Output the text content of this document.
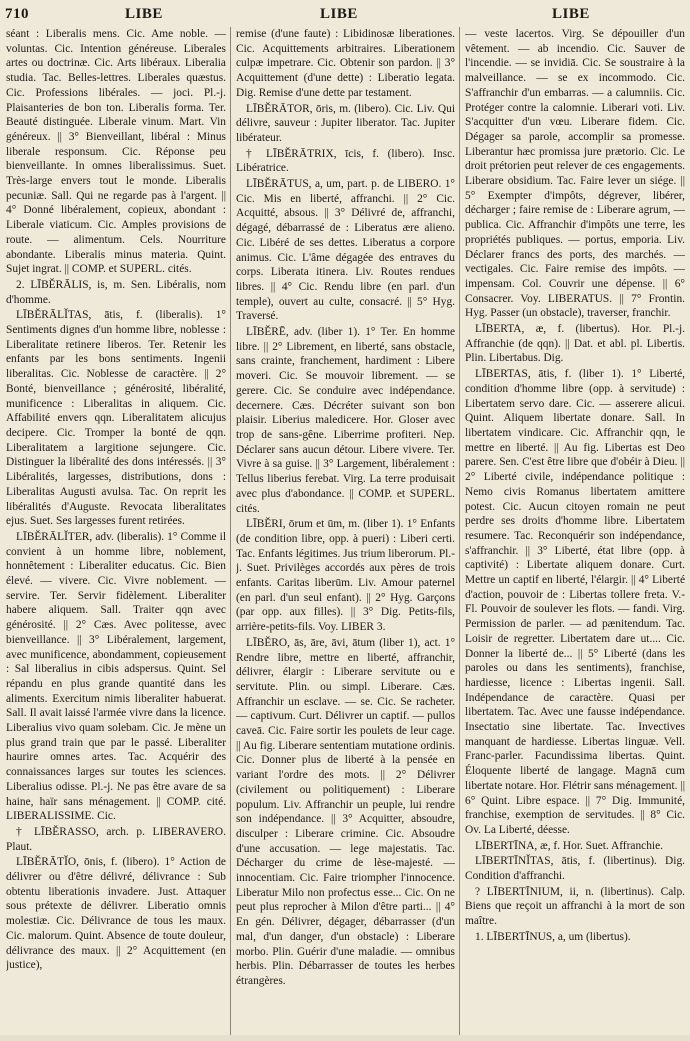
710	LIBE	LIBE	LIBE

séant : Liberalis mens. Cic. Ame noble. — voluntas. Cic. Intention généreuse. Liberales artes ou doctrinæ. Cic. Arts libéraux. Liberalia studia. Tac. Belles-lettres. Liberales quæstus. Cic. Professions libérales. — joci. Pl.-j. Plaisanteries de bon ton. Liberalis forma. Ter. Beauté distinguée. Liberale vinum. Mart. Vin généreux. || 3° Bienveillant, libéral : Minus liberale responsum. Cic. Réponse peu bienveillante. In omnes liberalissimus. Suet. Très-large envers tout le monde. Liberalis pecuniæ. Sall. Qui ne regarde pas à l'argent. || 4° Donné libéralement, copieux, abondant : Liberale viaticum. Cic. Amples provisions de route. — alimentum. Cels. Nourriture abondante. Liberalis minus materia. Quint. Sujet ingrat. || COMP. et SUPERL. cités.

2. LĪBĔRĀLIS, is, m. Sen. Libéralis, nom d'homme.

LĪBĔRĀLĬTAS, ātis, f. (liberalis). 1° Sentiments dignes d'un homme libre, noblesse : Liberalitate retinere liberos. Ter. Retenir les enfants par les bons sentiments. Ingenii liberalitas. Cic. Noblesse de caractère. || 2° Bonté, bienveillance ; générosité, libéralité, munificence : Liberalitas in aliquem. Cic. Affabilité envers qqn. Liberalitatem alicujus decipere. Cic. Tromper la bonté de qqn. Liberalitatem a largitione sejungere. Cic. Distinguer la libéralité des dons intéressés. || 3° Libéralités, largesses, distributions, dons : Liberalitas Augusti avulsa. Tac. On reprit les libéralités d'Auguste. Revocata liberalitates ejus. Suet. Ses largesses furent retirées.

LĪBĔRĀLĬTER, adv. (liberalis). 1° Comme il convient à un homme libre, noblement, honnêtement : Liberaliter educatus. Cic. Bien élevé. — vivere. Cic. Vivre noblement. — servire. Ter. Servir fidèlement. Liberaliter habere aliquem. Sall. Traiter qqn avec générosité. || 2° Cæs. Avec politesse, avec bienveillance. || 3° Libéralement, largement, avec munificence, abondamment, copieusement : Sal liberalius in cibis adspersus. Quint. Sel répandu en plus grande quantité dans les aliments. Exercitum nimis liberaliter habuerat. Sall. Il avait laissé l'armée vivre dans la licence. Liberalius vivo quam solebam. Cic. Je mène un plus grand train que par le passé. Liberaliter haurire omnes artes. Tac. Acquérir des connaissances larges sur toutes les sciences. Liberalius odisse. Pl.-j. Ne pas être avare de sa haine, haïr sans ménagement. || COMP. cité. LIBERALISSIME. Cic.

† LĪBĔRASSO, arch. p. LIBERAVERO. Plaut.

LĪBĔRĀTĬO, ōnis, f. (libero). 1° Action de délivrer ou d'être délivré, délivrance : Sub obtentu liberationis invadere. Just. Attaquer sous prétexte de délivrer. Liberatio omnis molestiæ. Cic. Délivrance de tous les maux. Cic. malorum. Quint. Absence de toute douleur, délivrance des maux. || 2° Acquittement (en justice),

remise (d'une faute) : Libidinosæ liberationes. Cic. Acquittements arbitraires. Liberationem culpæ impetrare. Cic. Obtenir son pardon. || 3° Acquittement (d'une dette) : Liberatio legata. Dig. Remise d'une dette par testament.

LĪBĔRĀTOR, ōris, m. (libero). Cic. Liv. Qui délivre, sauveur : Jupiter liberator. Tac. Jupiter libérateur.

† LĪBĔRĀTRIX, īcis, f. (libero). Insc. Libératrice.

LĪBĔRĀTUS, a, um, part. p. de LIBERO. 1° Cic. Mis en liberté, affranchi. || 2° Cic. Acquitté, absous. || 3° Délivré de, affranchi, dégagé, débarrassé de : Liberatus ære alieno. Cic. Libéré de ses dettes. Liberatus a corpore animus. Cic. L'âme dégagée des entraves du corps. Liberata itinera. Liv. Routes rendues libres. || 4° Cic. Rendu libre (en parl. d'un temple), ouvert au culte, consacré. || 5° Hyg. Traversé.

LĪBĔRĒ, adv. (liber 1). 1° Ter. En homme libre. || 2° Librement, en liberté, sans obstacle, sans crainte, franchement, hardiment : Libere moveri. Cic. Se mouvoir librement. — se gerere. Cic. Se conduire avec indépendance. decernere. Cæs. Décréter suivant son bon plaisir. Liberius maledicere. Hor. Gloser avec trop de sans-gêne. Liberrime profiteri. Nep. Déclarer sans aucun détour. Libere vivere. Ter. Vivre à sa guise. || 3° Largement, libéralement : Tellus liberius ferebat. Virg. La terre produisait avec plus d'abondance. || COMP. et SUPERL. cités.

LĪBĔRI, ōrum et ūm, m. (liber 1). 1° Enfants (de condition libre, opp. à pueri) : Liberi certi. Tac. Enfants légitimes. Jus trium liberorum. Pl.-j. Suet. Privilèges accordés aux pères de trois enfants. Caritas liberūm. Liv. Amour paternel (en parl. d'un seul enfant). || 2° Hyg. Garçons (par opp. aux filles). || 3° Dig. Petits-fils, arrière-petits-fils. Voy. LIBER 3.

LĪBĔRO, ās, āre, āvi, ātum (liber 1), act. 1° Rendre libre, mettre en liberté, affranchir, délivrer, élargir : Liberare servitute ou e servitute. Plin. ou simpl. Liberare. Cæs. Affranchir un esclave. — se. Cic. Se racheter. — captivum. Curt. Délivrer un captif. — pullos caveā. Cic. Faire sortir les poulets de leur cage. || Au fig. Liberare sententiam mutatione ordinis. Cic. Donner plus de liberté à la pensée en variant l'ordre des mots. || 2° Délivrer (civilement ou politiquement) : Liberare populum. Liv. Affranchir un peuple, lui rendre son indépendance. || 3° Acquitter, absoudre, disculper : Liberare crimine. Cic. Absoudre d'une accusation. — lege majestatis. Tac. Décharger du crime de lèse-majesté. — innocentiam. Cic. Faire triompher l'innocence. Liberatur Milo non profectus esse... Cic. On ne peut plus reprocher à Milon d'être parti... || 4° En gén. Délivrer, dégager, débarrasser (d'un mal, d'un danger, d'un obstacle) : Liberare morbo. Plin. Guérir d'une maladie. — omnibus herbis. Plin. Débarrasser de toutes les herbes étrangères.

— veste lacertos. Virg. Se dépouiller d'un vêtement. — ab incendio. Cic. Sauver de l'incendie. — se invidiā. Cic. Se soustraire à la malveillance. — se ex incommodo. Cic. S'affranchir d'un embarras. — a calumniis. Cic. Protéger contre la calomnie. Liberari voti. Liv. S'acquitter d'un vœu. Liberare fidem. Cic. Dégager sa parole, accomplir sa promesse. Liberantur hæc promissa jure prætorio. Cic. Le droit prétorien peut relever de ces engagements. Liberare obsidium. Tac. Faire lever un siége. || 5° Exempter d'impôts, dégrever, libérer, décharger ; faire remise de : Liberare agrum, — publica. Cic. Affranchir d'impôts une terre, les propriétés publiques. — portus, emporia. Liv. Déclarer francs des ports, des marchés. — vectigales. Cic. Faire remise des impôts. — impensam. Col. Couvrir une dépense. || 6° Consacrer. Voy. LIBERATUS. || 7° Frontin. Hyg. Passer (un obstacle), traverser, franchir.

LĪBERTA, æ, f. (libertus). Hor. Pl.-j. Affranchie (de qqn). || Dat. et abl. pl. Libertis. Plin. Libertabus. Dig.

LĪBERTAS, ātis, f. (liber 1). 1° Liberté, condition d'homme libre (opp. à servitude) : Libertatem servo dare. Cic. — asserere alicui. Quint. Aliquem libertate donare. Sall. In libertatem vindicare. Cic. Affranchir qqn, le mettre en liberté. || Au fig. Libertas est Deo parere. Sen. C'est être libre que d'obéir à Dieu. || 2° Liberté civile, indépendance politique : Nemo civis Romanus libertatem amittere potest. Cic. Aucun citoyen romain ne peut perdre ses droits d'homme libre. Libertatem resumere. Tac. Reconquérir son indépendance, s'affranchir. || 3° Liberté, état libre (opp. à captivité) : Libertate aliquem donare. Curt. Mettre un captif en liberté, l'élargir. || 4° Liberté d'action, pouvoir de : Libertas tollere freta. V.-Fl. Pouvoir de soulever les flots. — fandi. Virg. Permission de parler. — ad pænitendum. Tac. Loisir de regretter. Libertatem dare ut.... Cic. Donner la liberté de... || 5° Liberté (dans les paroles ou dans les sentiments), franchise, hardiesse, licence : Libertas ingenii. Sall. Indépendance de caractère. Quasi per libertatem. Tac. Avec une fausse indépendance. Insectatio sine libertate. Tac. Invectives manquant de hardiesse. Libertas linguæ. Vell. Franc-parler. Facundissima libertas. Quint. Éloquente liberté de langage. Magnā cum libertate notare. Hor. Flétrir sans ménagement. || 6° Quint. Libre espace. || 7° Dig. Immunité, franchise, exemption de servitudes. || 8° Cic. Ov. La Liberté, déesse.

LĪBERTĪNA, æ, f. Hor. Suet. Affranchie.

LĪBERTĪNĬTAS, ātis, f. (libertinus). Dig. Condition d'affranchi.

? LĪBERTĪNIUM, ii, n. (libertinus). Calp. Biens que reçoit un affranchi à la mort de son maître.

1. LĪBERTĪNUS, a, um (libertus).
